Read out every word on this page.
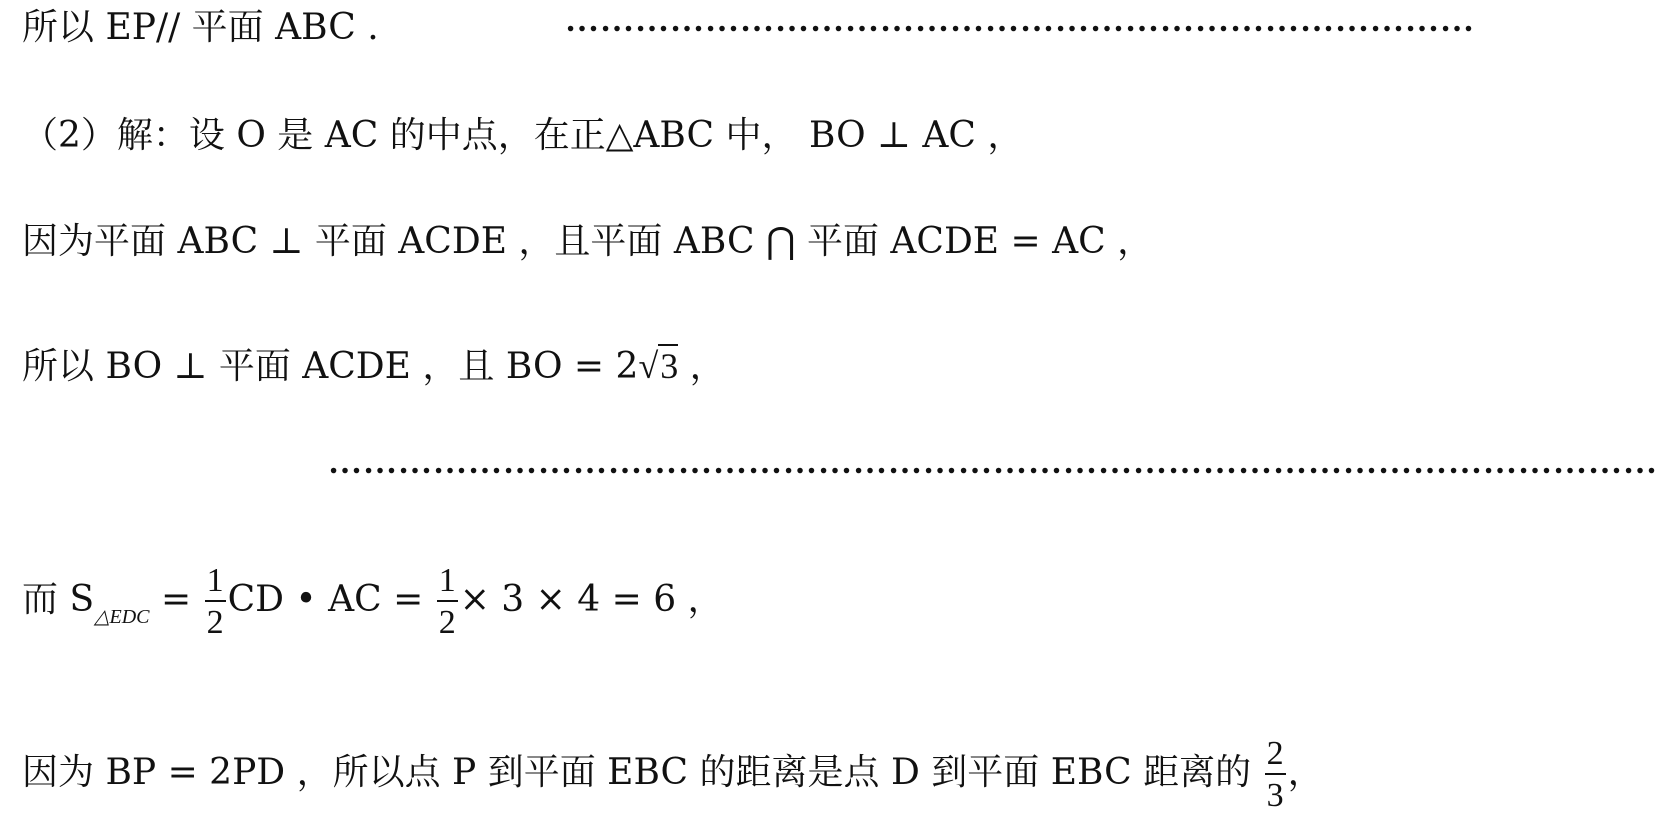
所以 EP// 平面 ABC .	……………………………………………………………………
（2）解：设 O 是 AC 的中点，在正△ABC 中， BO ⊥ AC ，
因为平面 ABC ⊥ 平面 ACDE ，且平面 ABC ⋂ 平面 ACDE = AC ，
所以 BO ⊥ 平面 ACDE ，且 BO = 2√3 ，
……………………………………………………………………………………………………
而 $S_{\triangle EDC} = \frac{1}{2}$ CD • AC = $\frac{1}{2} \times 3 \times 4 = 6$ ，
因为 BP = 2PD ，所以点 P 到平面 EBC 的距离是点 D 到平面 EBC 距离的 $\frac{2}{3}$ ，
